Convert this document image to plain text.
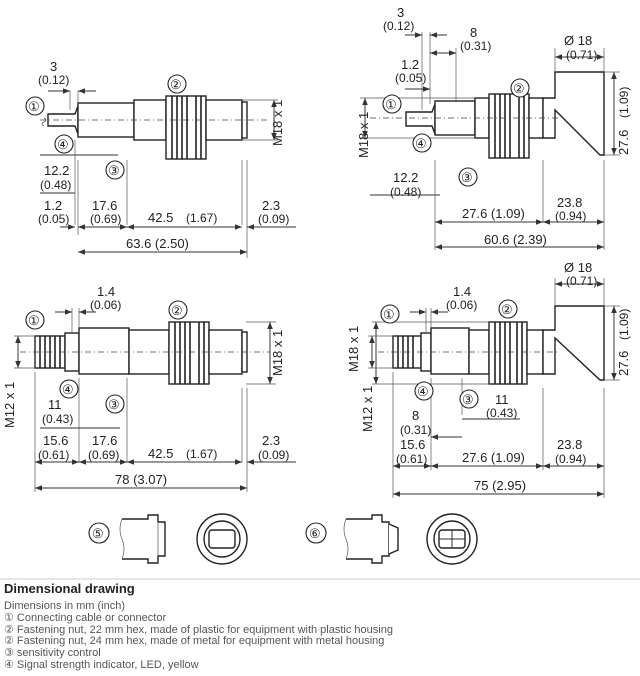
3
(0.12)
12.2
(0.48)
1.2
(0.05)
17.6
(0.69) 42.5 (1.67)
2.3
(0.09)
63.6 (2.50)
M18 x 1
①
④
②
③
3
(0.12)	8
(0.31)
1.2
(0.05)
Ø 18
(0.71)
27.6
(1.09)
12.2
(0.48)
27.6 (1.09)
23.8
(0.94)
60.6 (2.39)
M18 x 1
①
④
②
③
1.4
(0.06)
11
(0.43)
15.6
(0.61)
17.6
(0.69) 42.5 (1.67)
2.3
(0.09)
78 (3.07)
M18 x 1
M12 x 1
①
④
②
③
1.4
(0.06)
Ø 18
(0.71)
27.6
(1.09)
11
(0.43)
8
(0.31)
15.6
(0.61)	27.6 (1.09)
23.8
(0.94)
75 (2.95)
M18 x 1
M12 x 1
①
④
②
③
⑤	⑥
Dimensional drawing
Dimensions in mm (inch)
① Connecting cable or connector
② Fastening nut, 22 mm hex, made of plastic for equipment with plastic housing
② Fastening nut, 24 mm hex, made of metal for equipment with metal housing
③ sensitivity control
④ Signal strength indicator, LED, yellow
